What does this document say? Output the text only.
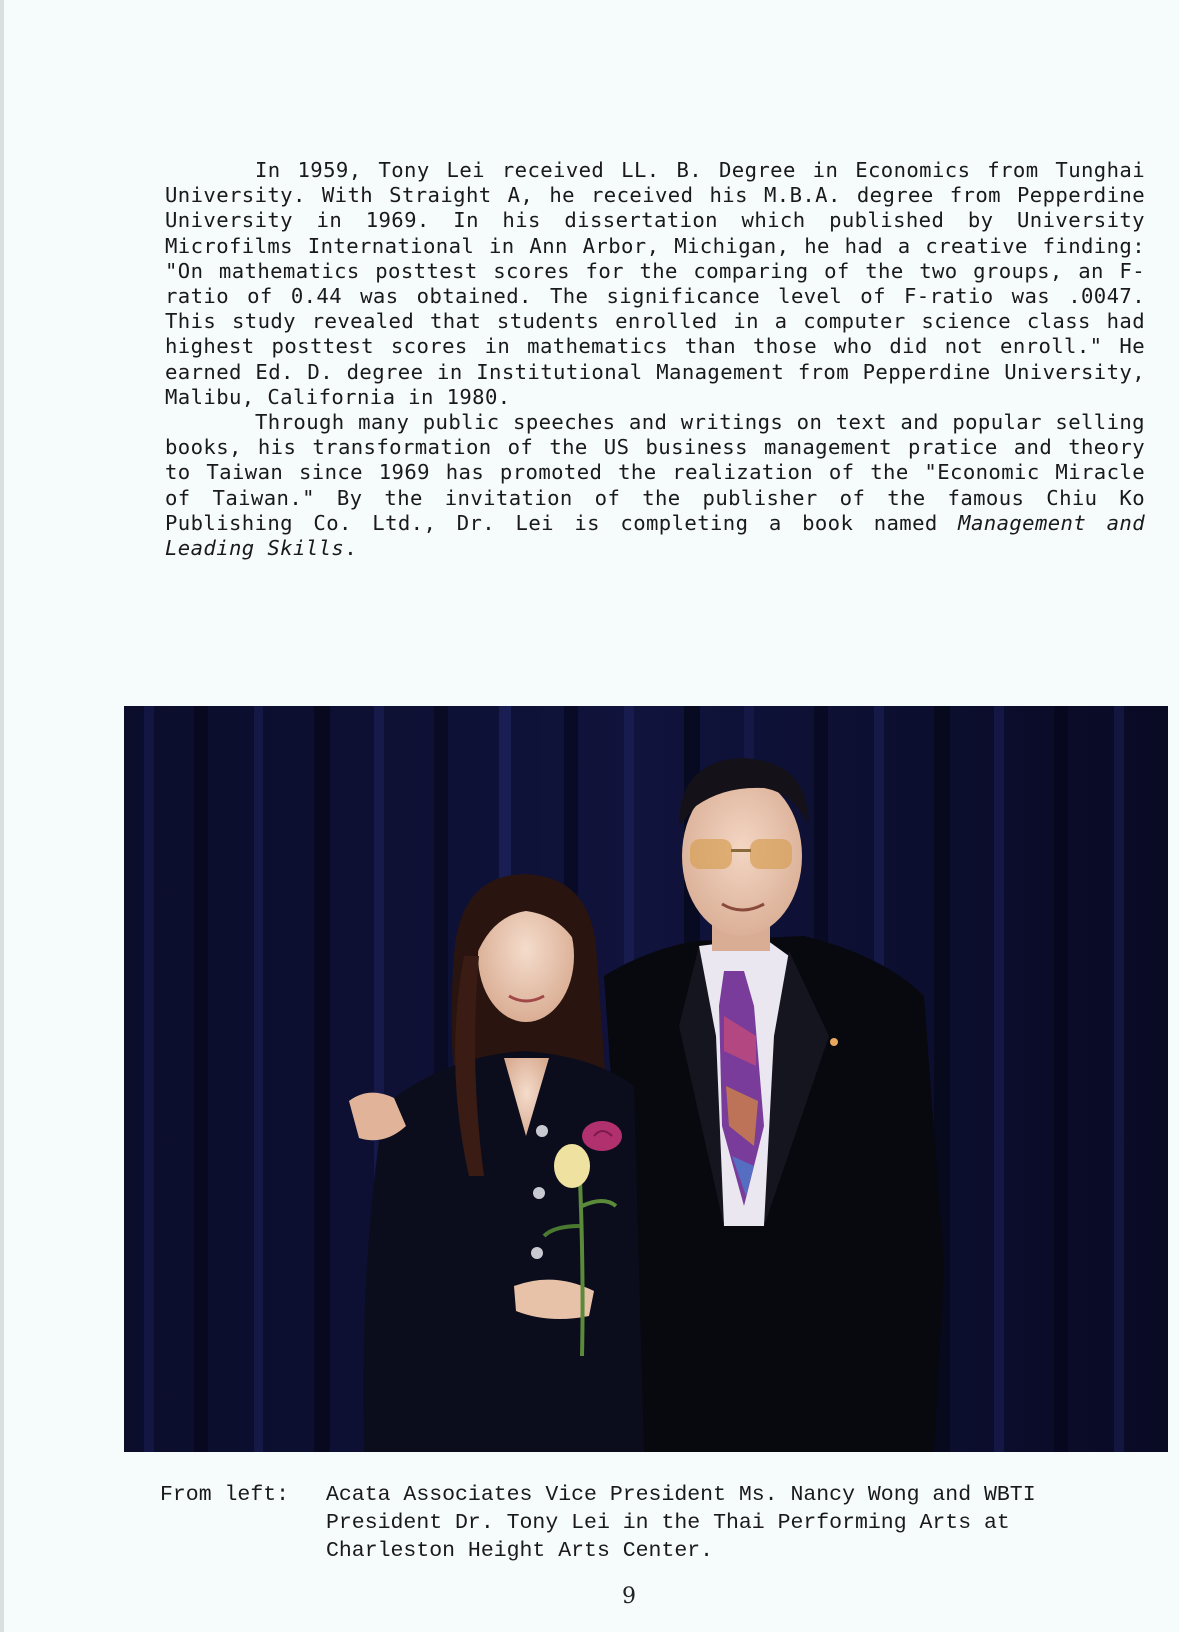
In 1959, Tony Lei received LL. B. Degree in Economics from Tunghai University. With Straight A, he received his M.B.A. degree from Pepperdine University in 1969. In his dissertation which published by University Microfilms International in Ann Arbor, Michigan, he had a creative finding: "On mathematics posttest scores for the comparing of the two groups, an F-ratio of 0.44 was obtained. The significance level of F-ratio was .0047. This study revealed that students enrolled in a computer science class had highest posttest scores in mathematics than those who did not enroll." He earned Ed. D. degree in Institutional Management from Pepperdine University, Malibu, California in 1980.

Through many public speeches and writings on text and popular selling books, his transformation of the US business management pratice and theory to Taiwan since 1969 has promoted the realization of the "Economic Miracle of Taiwan." By the invitation of the publisher of the famous Chiu Ko Publishing Co. Ltd., Dr. Lei is completing a book named Management and Leading Skills.

From left: Acata Associates Vice President Ms. Nancy Wong and WBTI President Dr. Tony Lei in the Thai Performing Arts at Charleston Height Arts Center.
9
